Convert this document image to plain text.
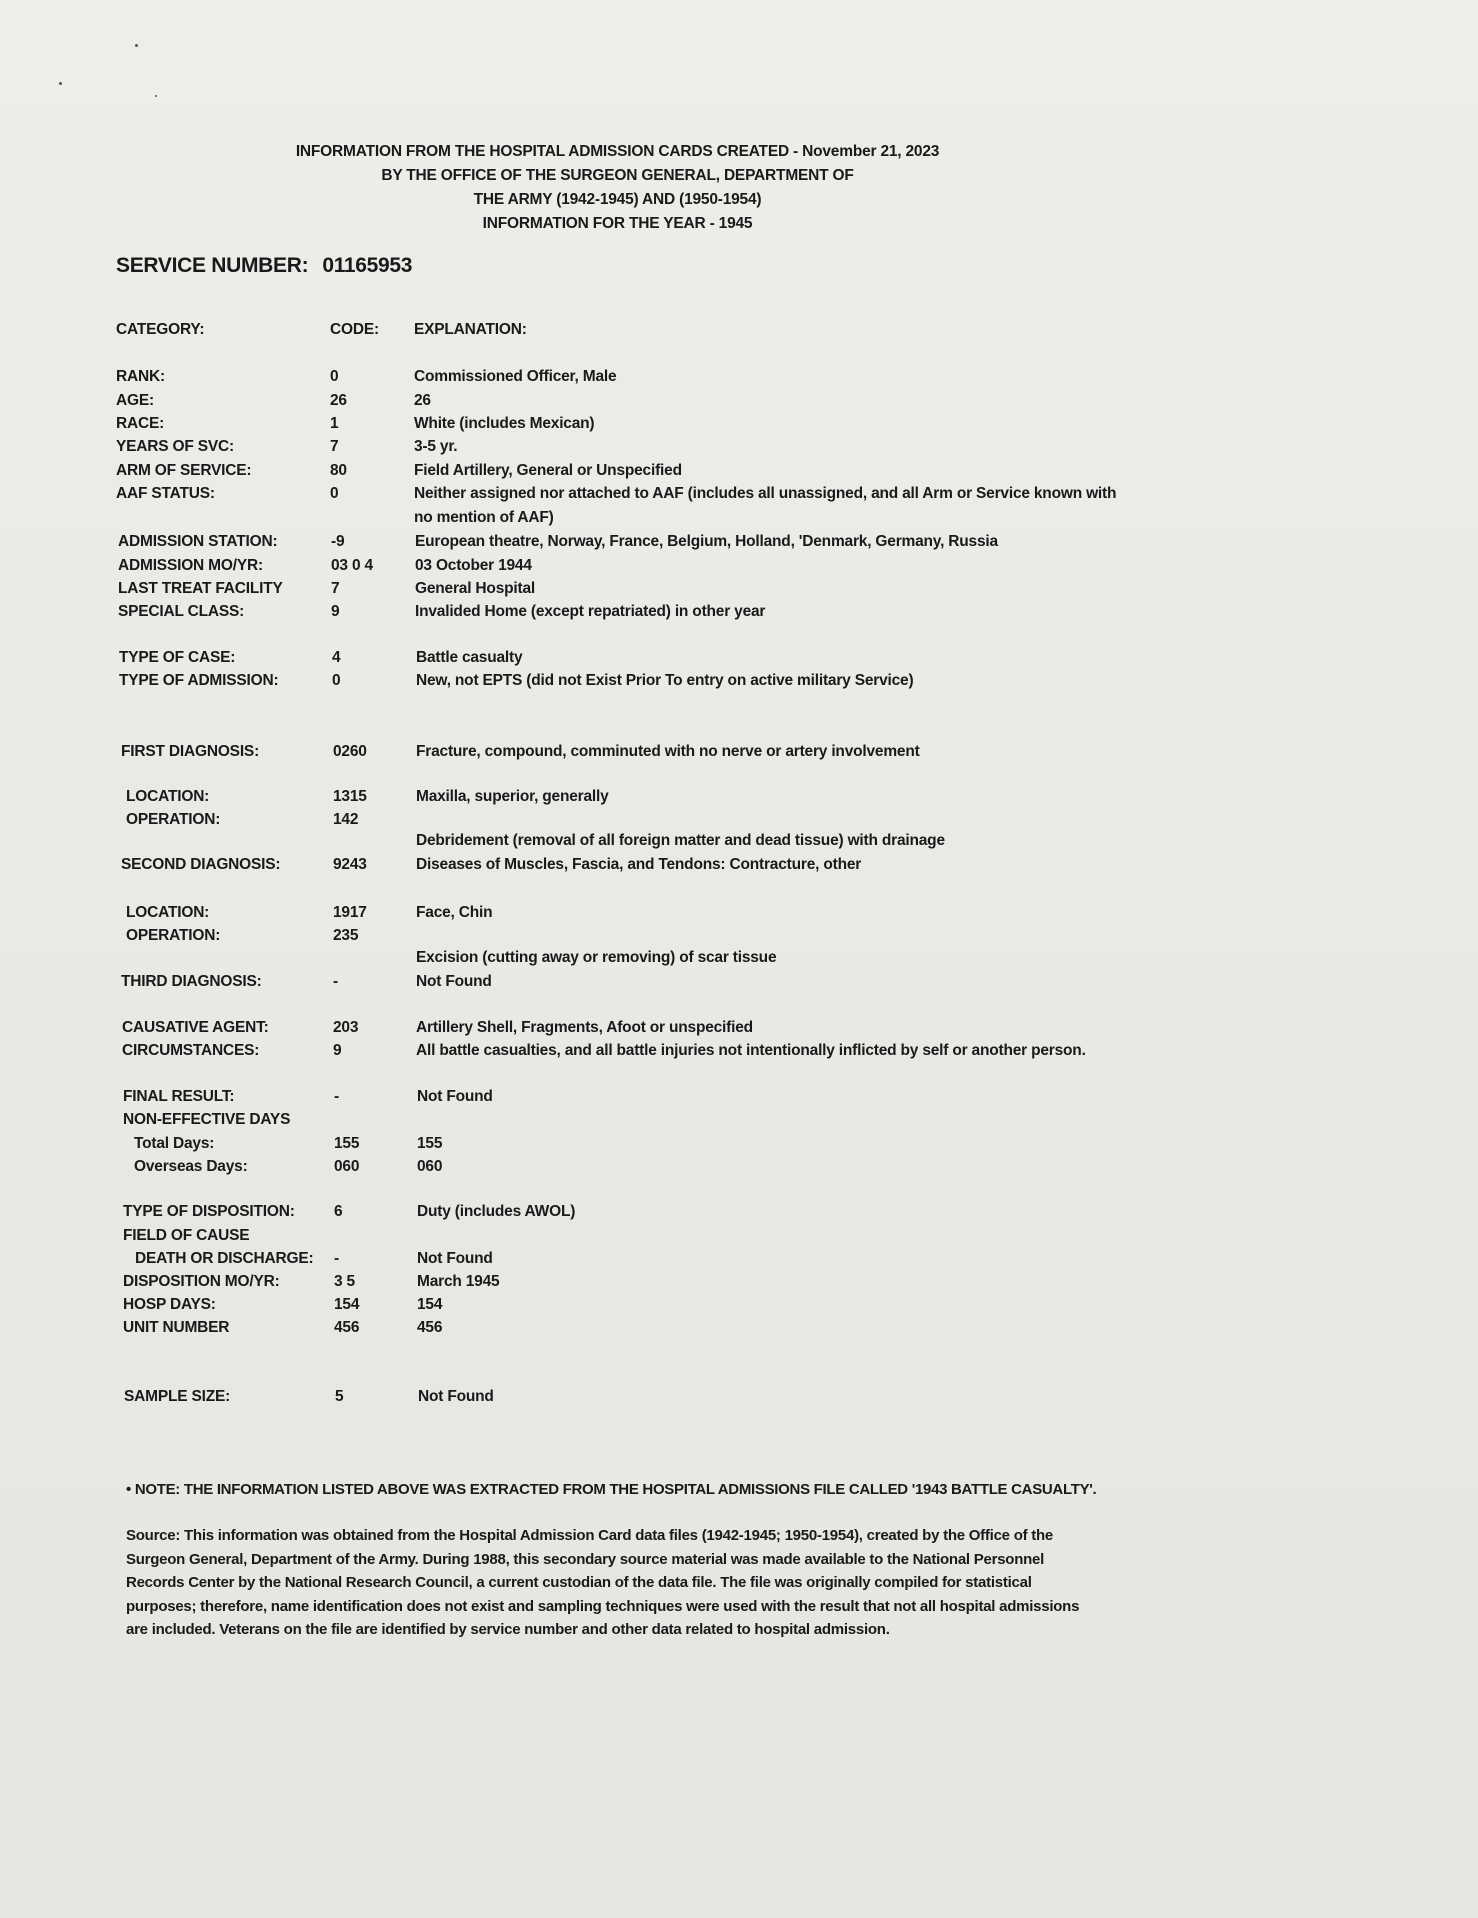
INFORMATION FROM THE HOSPITAL ADMISSION CARDS CREATED - November 21, 2023
BY THE OFFICE OF THE SURGEON GENERAL, DEPARTMENT OF
THE ARMY (1942-1945) AND (1950-1954)
INFORMATION FOR THE YEAR - 1945
SERVICE NUMBER: 01165953
CATEGORY:	CODE: EXPLANATION:
RANK:	0	Commissioned Officer, Male
AGE:	26	26
RACE:	1	White (includes Mexican)
YEARS OF SVC:	7	3-5 yr.
ARM OF SERVICE:	80	Field Artillery, General or Unspecified
AAF STATUS:	0	Neither assigned nor attached to AAF (includes all unassigned, and all Arm or Service known with
no mention of AAF)
ADMISSION STATION:	-9	European theatre, Norway, France, Belgium, Holland, 'Denmark, Germany, Russia
ADMISSION MO/YR:	03 0 4	03 October 1944
LAST TREAT FACILITY	7	General Hospital
SPECIAL CLASS:	9	Invalided Home (except repatriated) in other year
TYPE OF CASE:	4	Battle casualty
TYPE OF ADMISSION:	0	New, not EPTS (did not Exist Prior To entry on active military Service)
FIRST DIAGNOSIS:	0260	Fracture, compound, comminuted with no nerve or artery involvement
LOCATION:	1315	Maxilla, superior, generally
OPERATION:	142
Debridement (removal of all foreign matter and dead tissue) with drainage
SECOND DIAGNOSIS:	9243	Diseases of Muscles, Fascia, and Tendons: Contracture, other
LOCATION:	1917	Face, Chin
OPERATION:	235
Excision (cutting away or removing) of scar tissue
THIRD DIAGNOSIS:	-	Not Found
CAUSATIVE AGENT:	203	Artillery Shell, Fragments, Afoot or unspecified
CIRCUMSTANCES:	9	All battle casualties, and all battle injuries not intentionally inflicted by self or another person.
FINAL RESULT:	-	Not Found
NON-EFFECTIVE DAYS
Total Days:	155	155
Overseas Days:	060	060
TYPE OF DISPOSITION:	6	Duty (includes AWOL)
FIELD OF CAUSE
DEATH OR DISCHARGE: -	Not Found
DISPOSITION MO/YR:	3 5	March 1945
HOSP DAYS:	154	154
UNIT NUMBER	456	456
SAMPLE SIZE:	5	Not Found
• NOTE: THE INFORMATION LISTED ABOVE WAS EXTRACTED FROM THE HOSPITAL ADMISSIONS FILE CALLED '1943 BATTLE CASUALTY'.
Source: This information was obtained from the Hospital Admission Card data files (1942-1945; 1950-1954), created by the Office of the
Surgeon General, Department of the Army. During 1988, this secondary source material was made available to the National Personnel
Records Center by the National Research Council, a current custodian of the data file. The file was originally compiled for statistical
purposes; therefore, name identification does not exist and sampling techniques were used with the result that not all hospital admissions
are included. Veterans on the file are identified by service number and other data related to hospital admission.
